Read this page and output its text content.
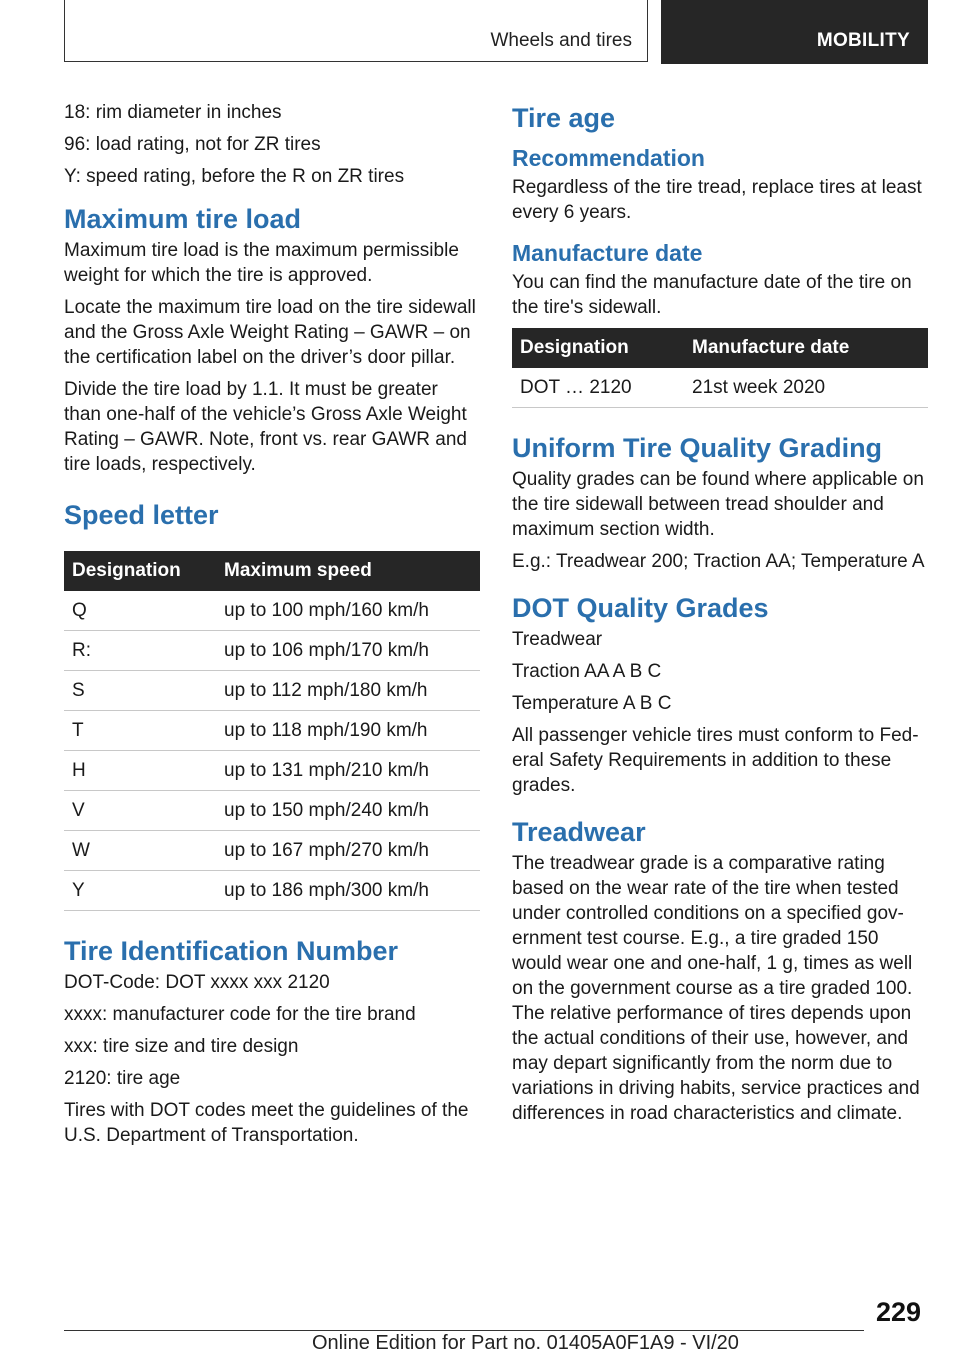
Wheels and tires	MOBILITY

18: rim diameter in inches

96: load rating, not for ZR tires

Y: speed rating, before the R on ZR tires

Maximum tire load

Maximum tire load is the maximum permissible weight for which the tire is approved.

Locate the maximum tire load on the tire sidewall and the Gross Axle Weight Rating – GAWR – on the certification label on the driver’s door pillar.

Divide the tire load by 1.1. It must be greater than one-half of the vehicle’s Gross Axle Weight Rating – GAWR. Note, front vs. rear GAWR and tire loads, respectively.

Speed letter
Designation	Maximum speed
Q	up to 100 mph/160 km/h
R:	up to 106 mph/170 km/h
S	up to 112 mph/180 km/h
T	up to 118 mph/190 km/h
H	up to 131 mph/210 km/h
V	up to 150 mph/240 km/h
W	up to 167 mph/270 km/h
Y	up to 186 mph/300 km/h
Tire Identification Number

DOT-Code: DOT xxxx xxx 2120

xxxx: manufacturer code for the tire brand

xxx: tire size and tire design

2120: tire age

Tires with DOT codes meet the guidelines of the U.S. Department of Transportation.

Tire age
Recommendation

Regardless of the tire tread, replace tires at least every 6 years.

Manufacture date

You can find the manufacture date of the tire on the tire's sidewall.

Designation	Manufacture date
DOT … 2120	21st week 2020
Uniform Tire Quality Grading

Quality grades can be found where applicable on the tire sidewall between tread shoulder and maximum section width.

E.g.: Treadwear 200; Traction AA; Temperature A

DOT Quality Grades

Treadwear

Traction AA A B C

Temperature A B C

All passenger vehicle tires must conform to Federal Safety Requirements in addition to these grades.

Treadwear

The treadwear grade is a comparative rating based on the wear rate of the tire when tested under controlled conditions on a specified government test course. E.g., a tire graded 150 would wear one and one-half, 1 g, times as well on the government course as a tire graded 100. The relative performance of tires depends upon the actual conditions of their use, however, and may depart significantly from the norm due to variations in driving habits, service practices and differences in road characteristics and climate.

229
Online Edition for Part no. 01405A0F1A9 - VI/20
